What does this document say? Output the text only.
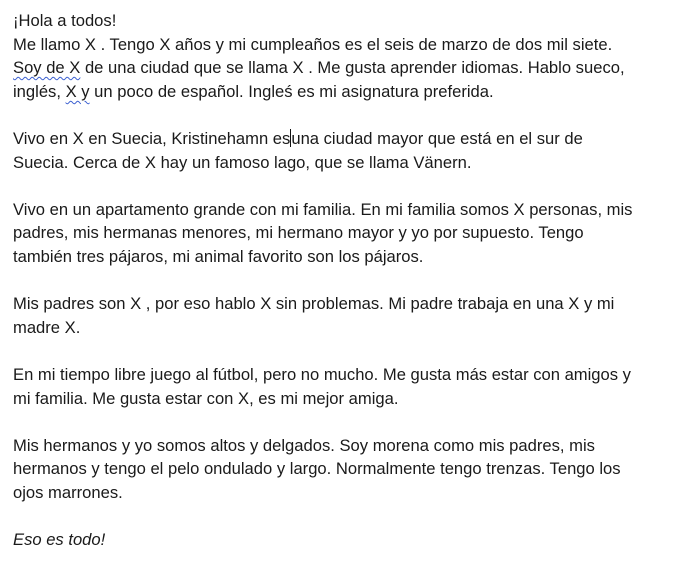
¡Hola a todos!
Me llamo X . Tengo X años y mi cumpleaños es el seis de marzo de dos mil siete.
Soy de X de una ciudad que se llama X . Me gusta aprender idiomas. Hablo sueco,
inglés, X y un poco de español. Ingleś es mi asignatura preferida.
Vivo en X en Suecia, Kristinehamn esuna ciudad mayor que está en el sur de
Suecia. Cerca de X hay un famoso lago, que se llama Vänern.
Vivo en un apartamento grande con mi familia. En mi familia somos X personas, mis
padres, mis hermanas menores, mi hermano mayor y yo por supuesto. Tengo
también tres pájaros, mi animal favorito son los pájaros.
Mis padres son X , por eso hablo X sin problemas. Mi padre trabaja en una X y mi
madre X.
En mi tiempo libre juego al fútbol, pero no mucho. Me gusta más estar con amigos y
mi familia. Me gusta estar con X, es mi mejor amiga.
Mis hermanos y yo somos altos y delgados. Soy morena como mis padres, mis
hermanos y tengo el pelo ondulado y largo. Normalmente tengo trenzas. Tengo los
ojos marrones.
Eso es todo!
